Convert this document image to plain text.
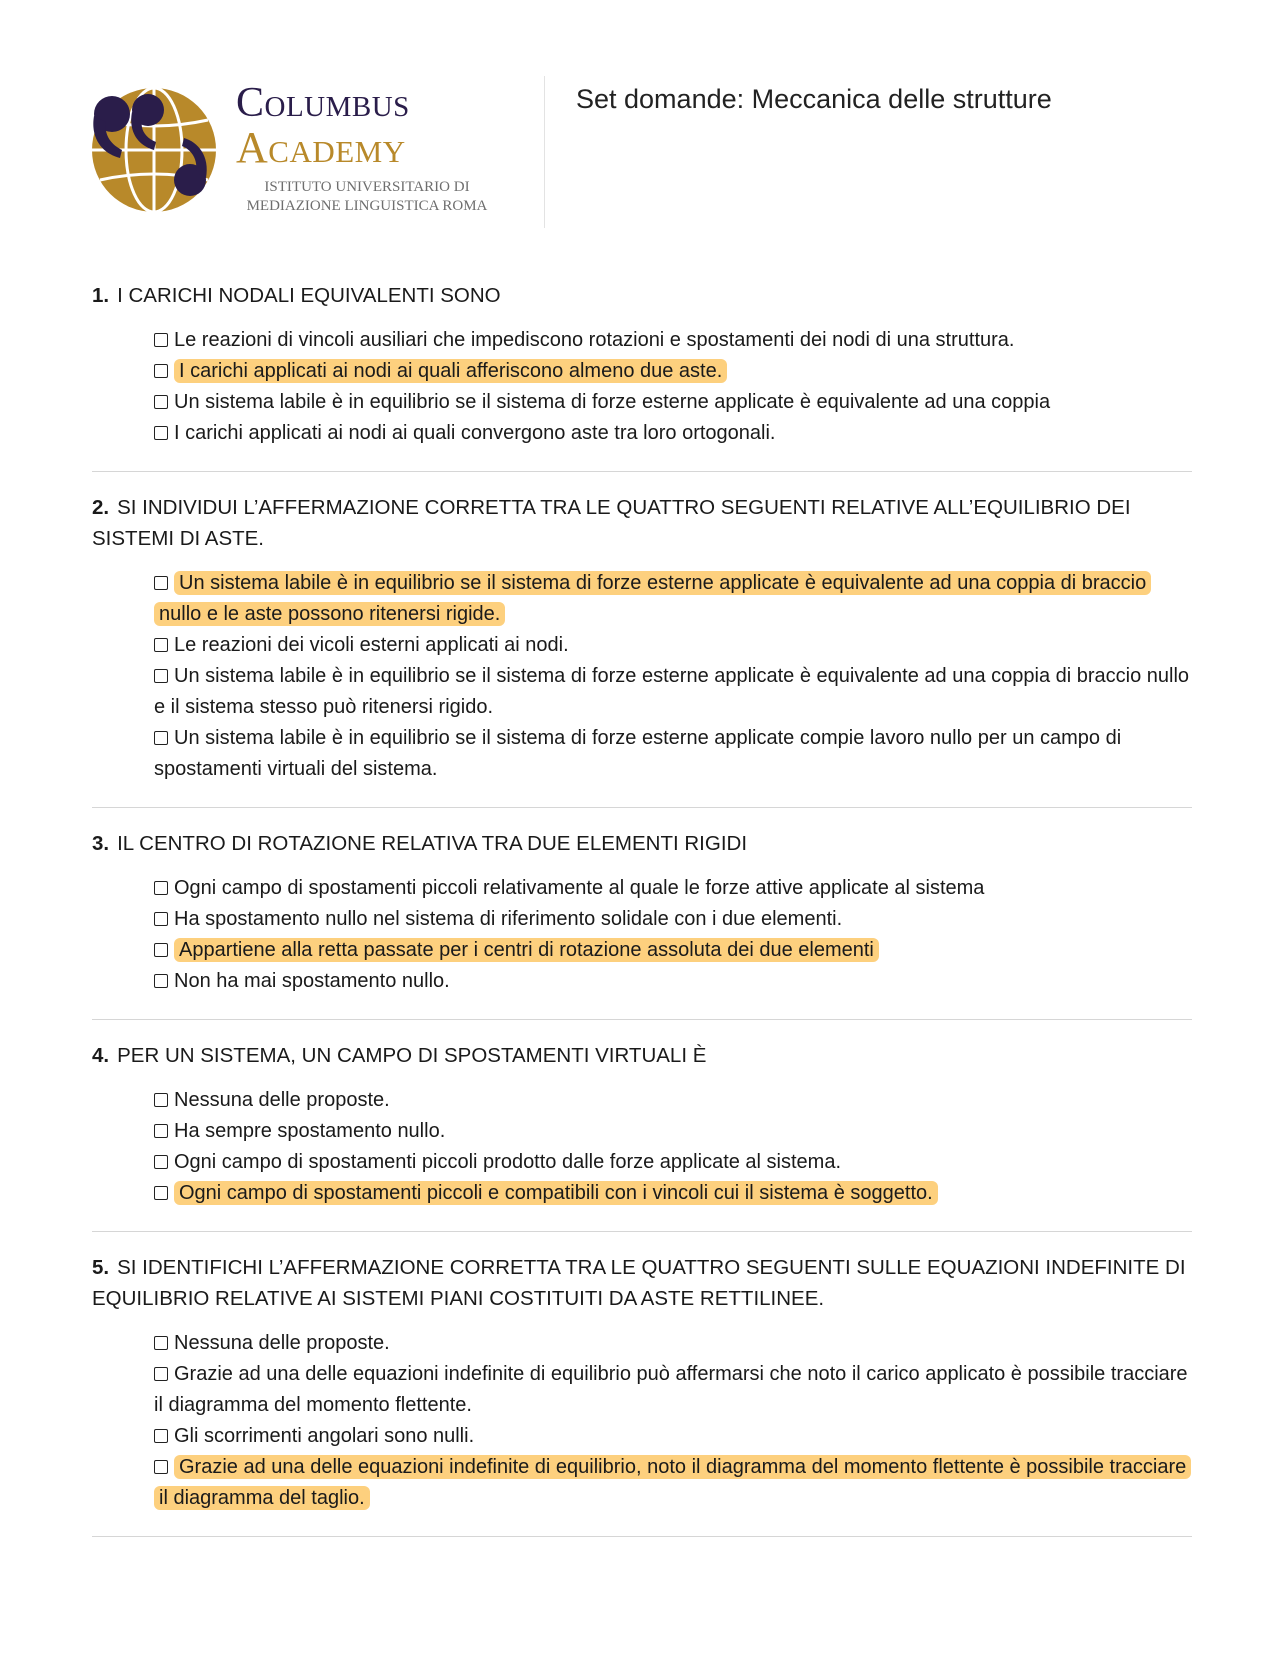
Columbus
Academy
ISTITUTO UNIVERSITARIO DI
MEDIAZIONE LINGUISTICA ROMA
Set domande: Meccanica delle strutture
1. I CARICHI NODALI EQUIVALENTI SONO
Le reazioni di vincoli ausiliari che impediscono rotazioni e spostamenti dei nodi di una struttura.
I carichi applicati ai nodi ai quali afferiscono almeno due aste.
Un sistema labile è in equilibrio se il sistema di forze esterne applicate è equivalente ad una coppia
I carichi applicati ai nodi ai quali convergono aste tra loro ortogonali.
2. SI INDIVIDUI L’AFFERMAZIONE CORRETTA TRA LE QUATTRO SEGUENTI RELATIVE ALL’EQUILIBRIO DEI SISTEMI DI ASTE.
Un sistema labile è in equilibrio se il sistema di forze esterne applicate è equivalente ad una coppia di braccio nullo e le aste possono ritenersi rigide.
Le reazioni dei vicoli esterni applicati ai nodi.
Un sistema labile è in equilibrio se il sistema di forze esterne applicate è equivalente ad una coppia di braccio nullo e il sistema stesso può ritenersi rigido.
Un sistema labile è in equilibrio se il sistema di forze esterne applicate compie lavoro nullo per un campo di spostamenti virtuali del sistema.
3. IL CENTRO DI ROTAZIONE RELATIVA TRA DUE ELEMENTI RIGIDI
Ogni campo di spostamenti piccoli relativamente al quale le forze attive applicate al sistema
Ha spostamento nullo nel sistema di riferimento solidale con i due elementi.
Appartiene alla retta passate per i centri di rotazione assoluta dei due elementi
Non ha mai spostamento nullo.
4. PER UN SISTEMA, UN CAMPO DI SPOSTAMENTI VIRTUALI È
Nessuna delle proposte.
Ha sempre spostamento nullo.
Ogni campo di spostamenti piccoli prodotto dalle forze applicate al sistema.
Ogni campo di spostamenti piccoli e compatibili con i vincoli cui il sistema è soggetto.
5. SI IDENTIFICHI L’AFFERMAZIONE CORRETTA TRA LE QUATTRO SEGUENTI SULLE EQUAZIONI INDEFINITE DI EQUILIBRIO RELATIVE AI SISTEMI PIANI COSTITUITI DA ASTE RETTILINEE.
Nessuna delle proposte.
Grazie ad una delle equazioni indefinite di equilibrio può affermarsi che noto il carico applicato è possibile tracciare il diagramma del momento flettente.
Gli scorrimenti angolari sono nulli.
Grazie ad una delle equazioni indefinite di equilibrio, noto il diagramma del momento flettente è possibile tracciare il diagramma del taglio.
